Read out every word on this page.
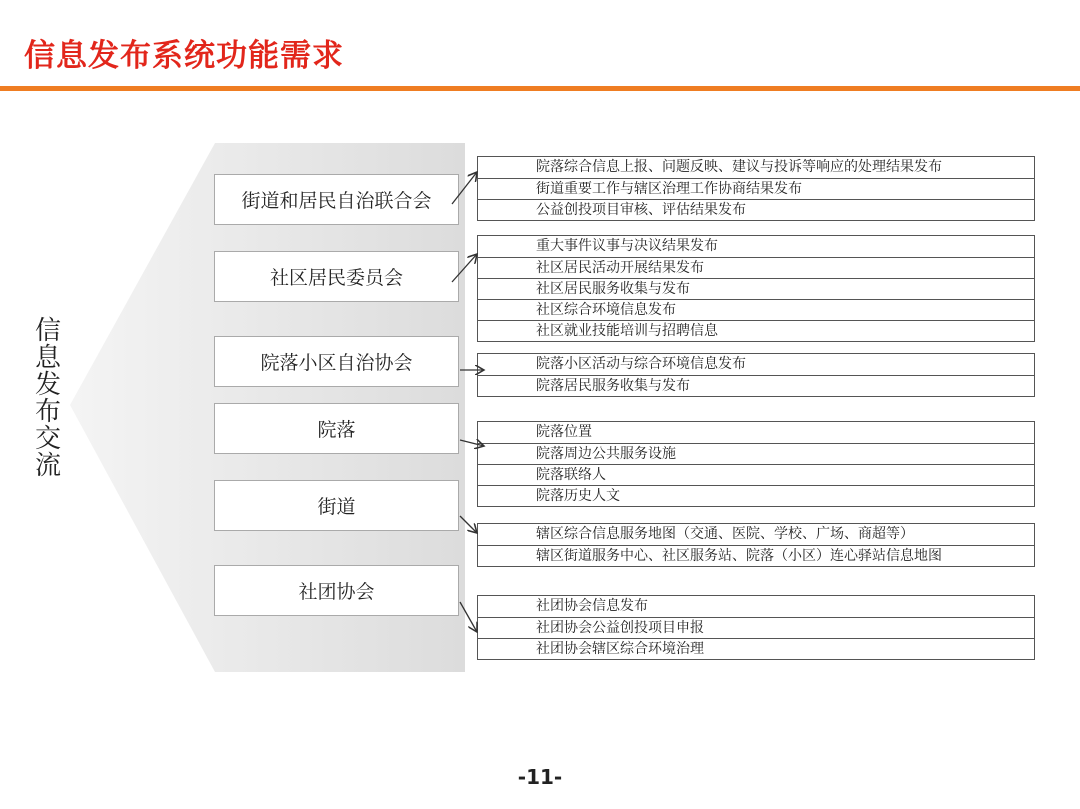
信息发布系统功能需求
信息发布交流
街道和居民自治联合会
社区居民委员会
院落小区自治协会
院落
街道
社团协会
院落综合信息上报、问题反映、建议与投诉等响应的处理结果发布
街道重要工作与辖区治理工作协商结果发布
公益创投项目审核、评估结果发布
重大事件议事与决议结果发布
社区居民活动开展结果发布
社区居民服务收集与发布
社区综合环境信息发布
社区就业技能培训与招聘信息
院落小区活动与综合环境信息发布
院落居民服务收集与发布
院落位置
院落周边公共服务设施
院落联络人
院落历史人文
辖区综合信息服务地图（交通、医院、学校、广场、商超等）
辖区街道服务中心、社区服务站、院落（小区）连心驿站信息地图
社团协会信息发布
社团协会公益创投项目申报
社团协会辖区综合环境治理
-11-
